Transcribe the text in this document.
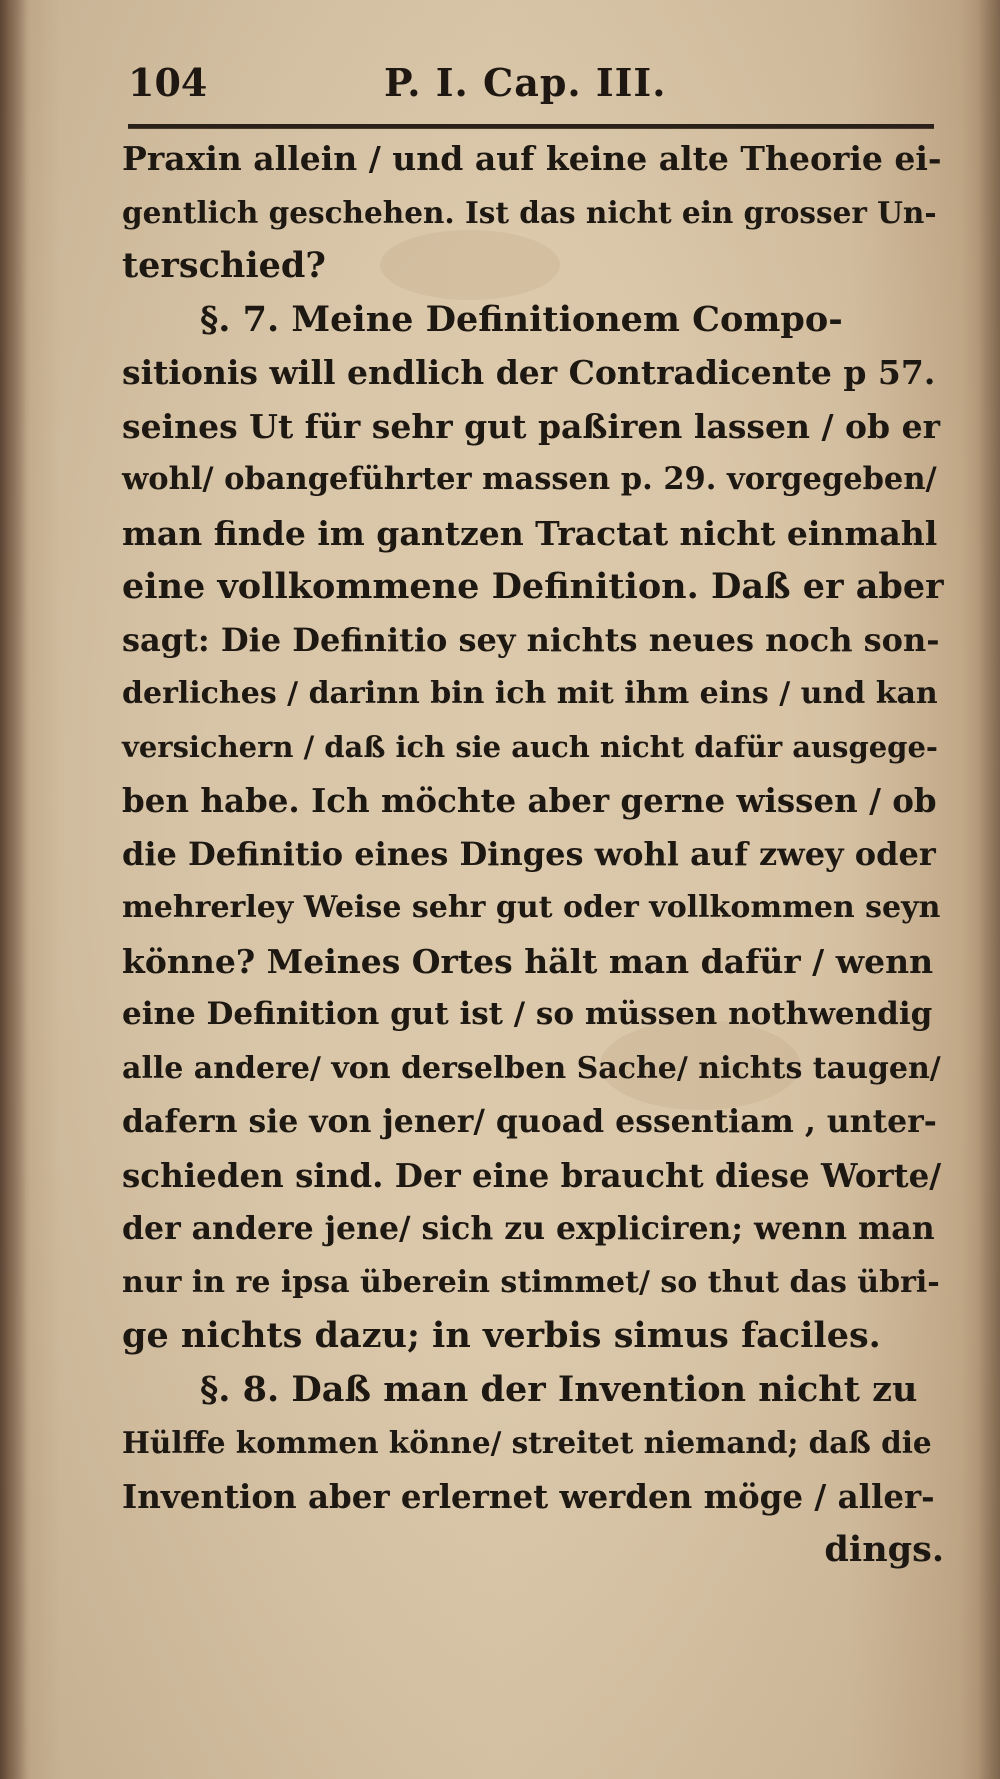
104	P. I. Cap. III.
Praxin allein / und auf keine alte Theorie ei-
gentlich geschehen. Ist das nicht ein grosser Un-
terschied?
§. 7. Meine Definitionem Compo-
sitionis will endlich der Contradicente p 57.
seines Ut für sehr gut paßiren lassen / ob er
wohl/ obangeführter massen p. 29. vorgegeben/
man finde im gantzen Tractat nicht einmahl
eine vollkommene Definition. Daß er aber
sagt: Die Definitio sey nichts neues noch son-
derliches / darinn bin ich mit ihm eins / und kan
versichern / daß ich sie auch nicht dafür ausgege-
ben habe. Ich möchte aber gerne wissen / ob
die Definitio eines Dinges wohl auf zwey oder
mehrerley Weise sehr gut oder vollkommen seyn
könne? Meines Ortes hält man dafür / wenn
eine Definition gut ist / so müssen nothwendig
alle andere/ von derselben Sache/ nichts taugen/
dafern sie von jener/ quoad essentiam , unter-
schieden sind. Der eine braucht diese Worte/
der andere jene/ sich zu expliciren; wenn man
nur in re ipsa überein stimmet/ so thut das übri-
ge nichts dazu; in verbis simus faciles.
§. 8. Daß man der Invention nicht zu
Hülffe kommen könne/ streitet niemand; daß die
Invention aber erlernet werden möge / aller-
dings.
